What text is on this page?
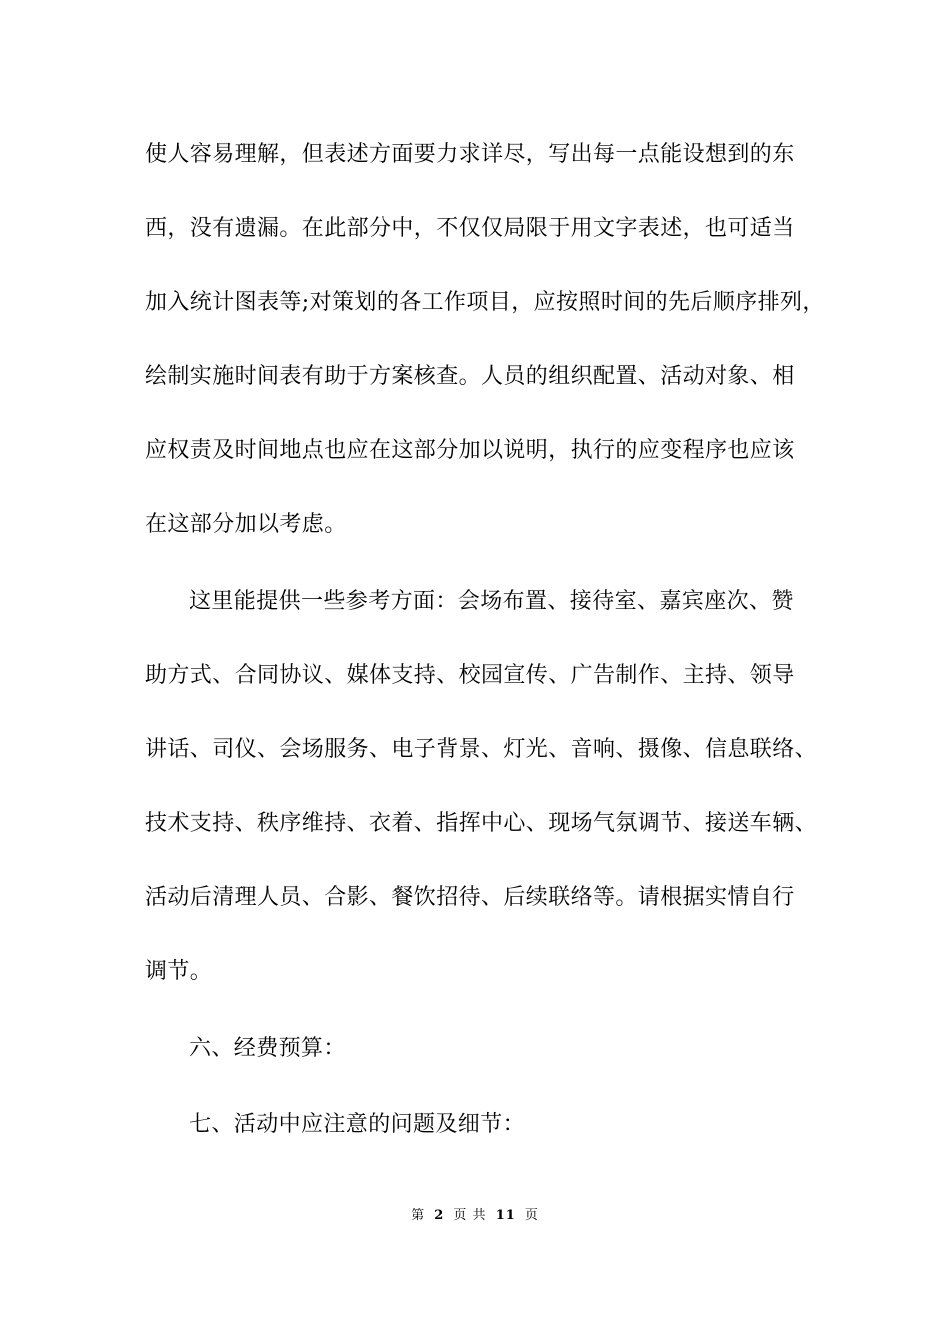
使人容易理解，但表述方面要力求详尽，写出每一点能设想到的东
西，没有遗漏。在此部分中，不仅仅局限于用文字表述，也可适当
加入统计图表等;对策划的各工作项目，应按照时间的先后顺序排列，
绘制实施时间表有助于方案核查。人员的组织配置、活动对象、相
应权责及时间地点也应在这部分加以说明，执行的应变程序也应该
在这部分加以考虑。
这里能提供一些参考方面：会场布置、接待室、嘉宾座次、赞
助方式、合同协议、媒体支持、校园宣传、广告制作、主持、领导
讲话、司仪、会场服务、电子背景、灯光、音响、摄像、信息联络、
技术支持、秩序维持、衣着、指挥中心、现场气氛调节、接送车辆、
活动后清理人员、合影、餐饮招待、后续联络等。请根据实情自行
调节。
六、经费预算：
七、活动中应注意的问题及细节：
第 2 页 共 11 页
